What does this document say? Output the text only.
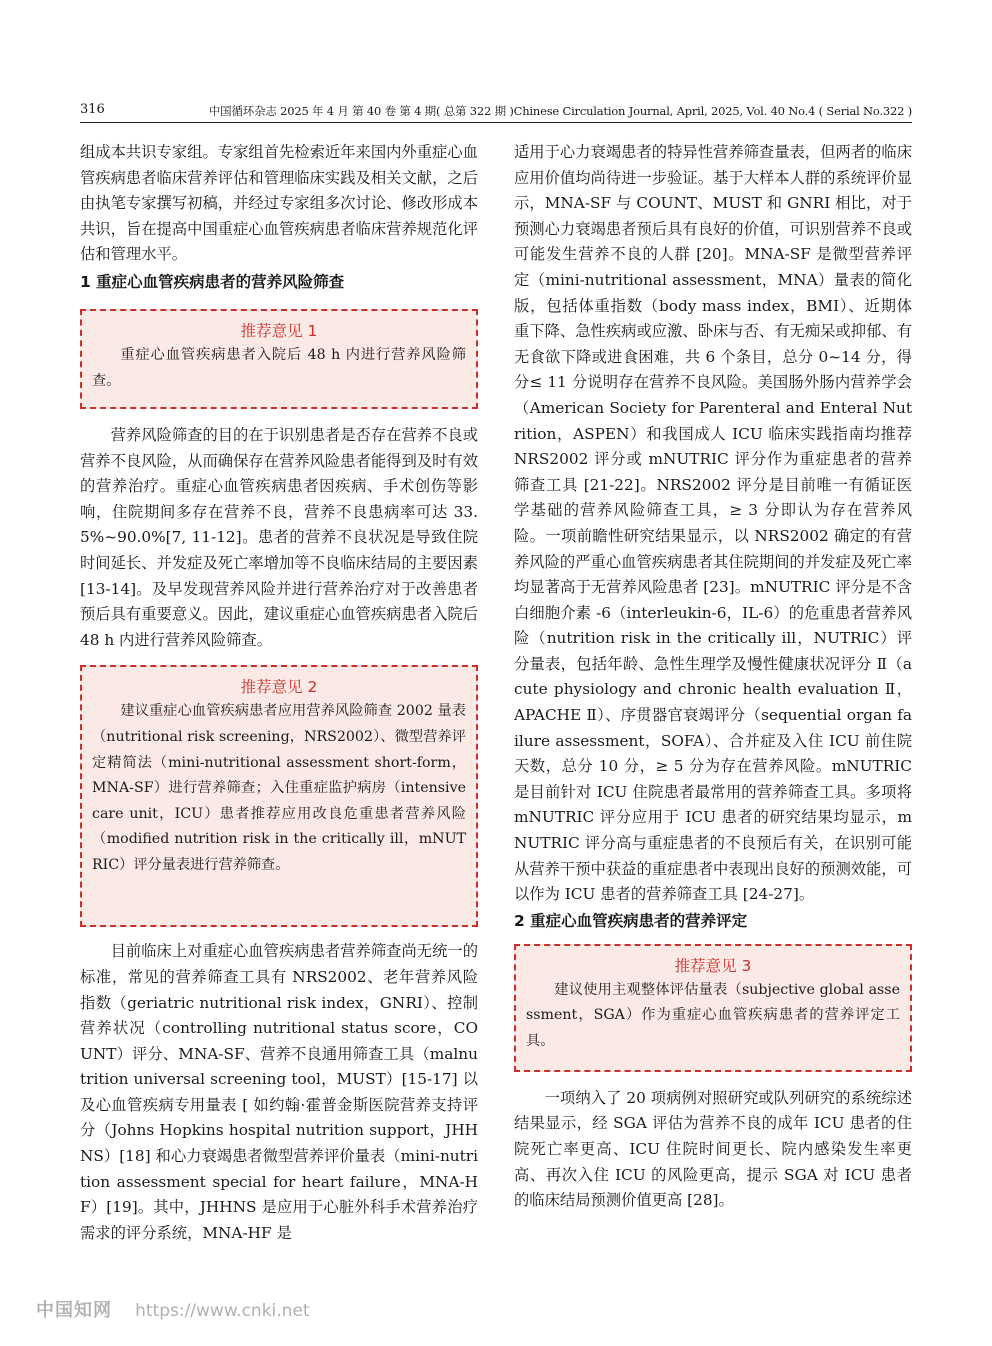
316	中国循环杂志 2025 年 4 月 第 40 卷 第 4 期( 总第 322 期 )Chinese Circulation Journal, April, 2025, Vol. 40 No.4 ( Serial No.322 )

组成本共识专家组。专家组首先检索近年来国内外重症心血管疾病患者临床营养评估和管理临床实践及相关文献，之后由执笔专家撰写初稿，并经过专家组多次讨论、修改形成本共识，旨在提高中国重症心血管疾病患者临床营养规范化评估和管理水平。

1 重症心血管疾病患者的营养风险筛查

推荐意见 1

重症心血管疾病患者入院后 48 h 内进行营养风险筛查。

营养风险筛查的目的在于识别患者是否存在营养不良或营养不良风险，从而确保存在营养风险患者能得到及时有效的营养治疗。重症心血管疾病患者因疾病、手术创伤等影响，住院期间多存在营养不良，营养不良患病率可达 33.5%~90.0%[7, 11-12]。患者的营养不良状况是导致住院时间延长、并发症及死亡率增加等不良临床结局的主要因素 [13-14]。及早发现营养风险并进行营养治疗对于改善患者预后具有重要意义。因此，建议重症心血管疾病患者入院后 48 h 内进行营养风险筛查。

推荐意见 2

建议重症心血管疾病患者应用营养风险筛查 2002 量表（nutritional risk screening，NRS2002）、微型营养评定精简法（mini-nutritional assessment short-form，MNA-SF）进行营养筛查；入住重症监护病房（intensive care unit，ICU）患者推荐应用改良危重患者营养风险（modified nutrition risk in the critically ill，mNUTRIC）评分量表进行营养筛查。

目前临床上对重症心血管疾病患者营养筛查尚无统一的标准，常见的营养筛查工具有 NRS2002、老年营养风险指数（geriatric nutritional risk index，GNRI）、控制营养状况（controlling nutritional status score，COUNT）评分、MNA-SF、营养不良通用筛查工具（malnutrition universal screening tool，MUST）[15-17] 以及心血管疾病专用量表 [ 如约翰·霍普金斯医院营养支持评分（Johns Hopkins hospital nutrition support，JHHNS）[18] 和心力衰竭患者微型营养评价量表（mini-nutrition assessment special for heart failure，MNA-HF）[19]。其中，JHHNS 是应用于心脏外科手术营养治疗需求的评分系统，MNA-HF 是

适用于心力衰竭患者的特异性营养筛查量表，但两者的临床应用价值均尚待进一步验证。基于大样本人群的系统评价显示，MNA-SF 与 COUNT、MUST 和 GNRI 相比，对于预测心力衰竭患者预后具有良好的价值，可识别营养不良或可能发生营养不良的人群 [20]。MNA-SF 是微型营养评定（mini-nutritional assessment，MNA）量表的简化版，包括体重指数（body mass index，BMI）、近期体重下降、急性疾病或应激、卧床与否、有无痴呆或抑郁、有无食欲下降或进食困难，共 6 个条目，总分 0~14 分，得分≤ 11 分说明存在营养不良风险。美国肠外肠内营养学会（American Society for Parenteral and Enteral Nutrition，ASPEN）和我国成人 ICU 临床实践指南均推荐 NRS2002 评分或 mNUTRIC 评分作为重症患者的营养筛查工具 [21-22]。NRS2002 评分是目前唯一有循证医学基础的营养风险筛查工具，≥ 3 分即认为存在营养风险。一项前瞻性研究结果显示，以 NRS2002 确定的有营养风险的严重心血管疾病患者其住院期间的并发症及死亡率均显著高于无营养风险患者 [23]。mNUTRIC 评分是不含白细胞介素 -6（interleukin-6，IL-6）的危重患者营养风险（nutrition risk in the critically ill，NUTRIC）评分量表，包括年龄、急性生理学及慢性健康状况评分 Ⅱ（acute physiology and chronic health evaluation Ⅱ，APACHE Ⅱ）、序贯器官衰竭评分（sequential organ failure assessment，SOFA）、合并症及入住 ICU 前住院天数，总分 10 分，≥ 5 分为存在营养风险。mNUTRIC 是目前针对 ICU 住院患者最常用的营养筛查工具。多项将 mNUTRIC 评分应用于 ICU 患者的研究结果均显示，mNUTRIC 评分高与重症患者的不良预后有关，在识别可能从营养干预中获益的重症患者中表现出良好的预测效能，可以作为 ICU 患者的营养筛查工具 [24-27]。

2 重症心血管疾病患者的营养评定

推荐意见 3

建议使用主观整体评估量表（subjective global assessment，SGA）作为重症心血管疾病患者的营养评定工具。

一项纳入了 20 项病例对照研究或队列研究的系统综述结果显示，经 SGA 评估为营养不良的成年 ICU 患者的住院死亡率更高、ICU 住院时间更长、院内感染发生率更高、再次入住 ICU 的风险更高，提示 SGA 对 ICU 患者的临床结局预测价值更高 [28]。

中国知网 https://www.cnki.net
